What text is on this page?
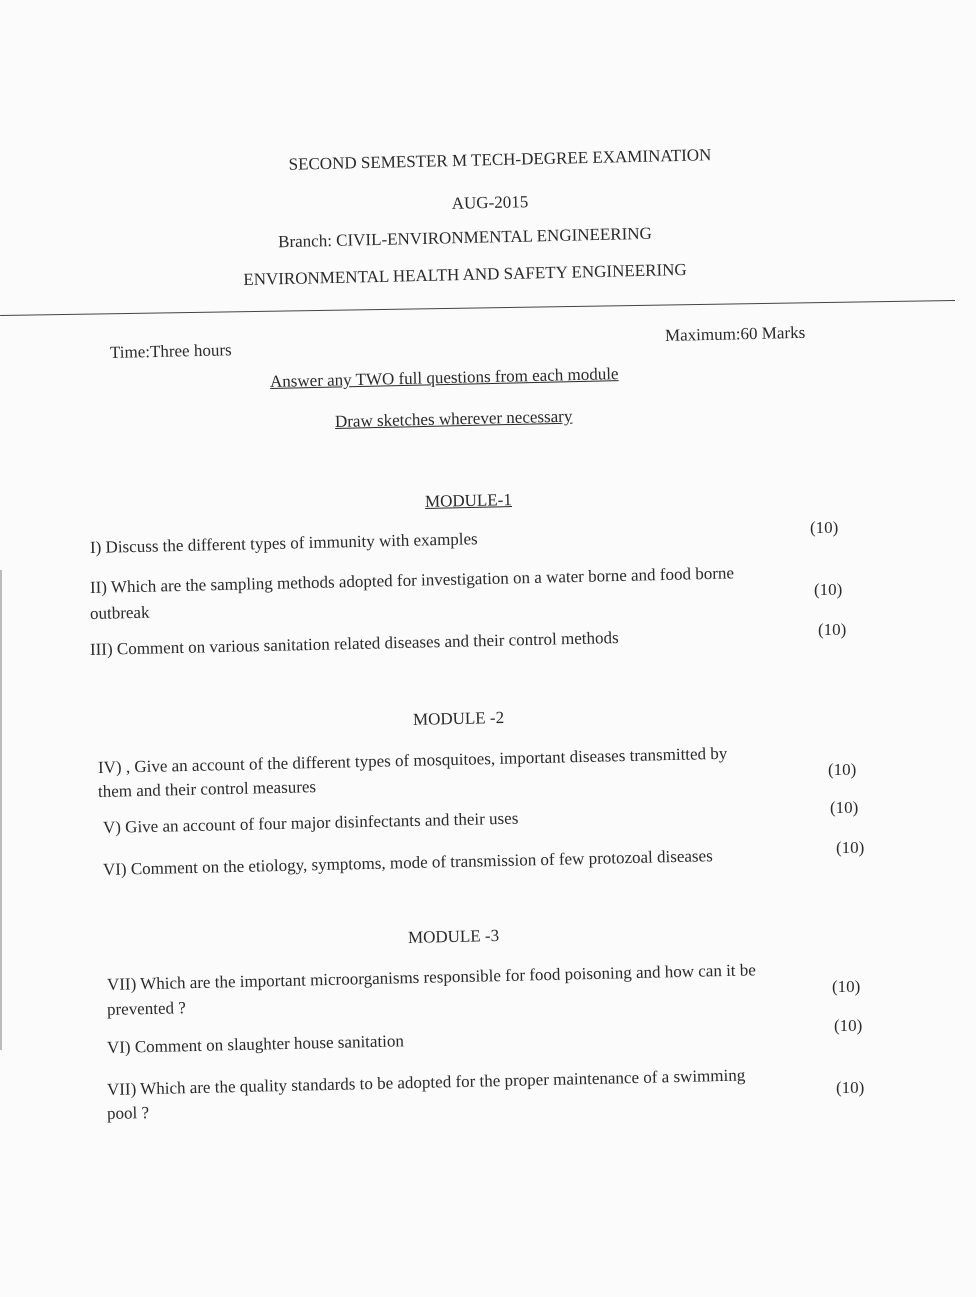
SECOND SEMESTER M TECH-DEGREE EXAMINATION
AUG-2015
Branch: CIVIL-ENVIRONMENTAL ENGINEERING
ENVIRONMENTAL HEALTH AND SAFETY ENGINEERING
Time:Three hours
Maximum:60 Marks
Answer any TWO full questions from each module
Draw sketches wherever necessary
MODULE-1
I) Discuss the different types of immunity with examples
(10)
II) Which are the sampling methods adopted for investigation on a water borne and food borne
outbreak
(10)
III) Comment on various sanitation related diseases and their control methods	(10)
MODULE -2
IV) , Give an account of the different types of mosquitoes, important diseases transmitted by
them and their control measures
(10)
V) Give an account of four major disinfectants and their uses
(10)
VI) Comment on the etiology, symptoms, mode of transmission of few protozoal diseases	(10)
MODULE -3
VII) Which are the important microorganisms responsible for food poisoning and how can it be
prevented ?
(10)
VI) Comment on slaughter house sanitation
(10)
VII) Which are the quality standards to be adopted for the proper maintenance of a swimming
pool ?
(10)
